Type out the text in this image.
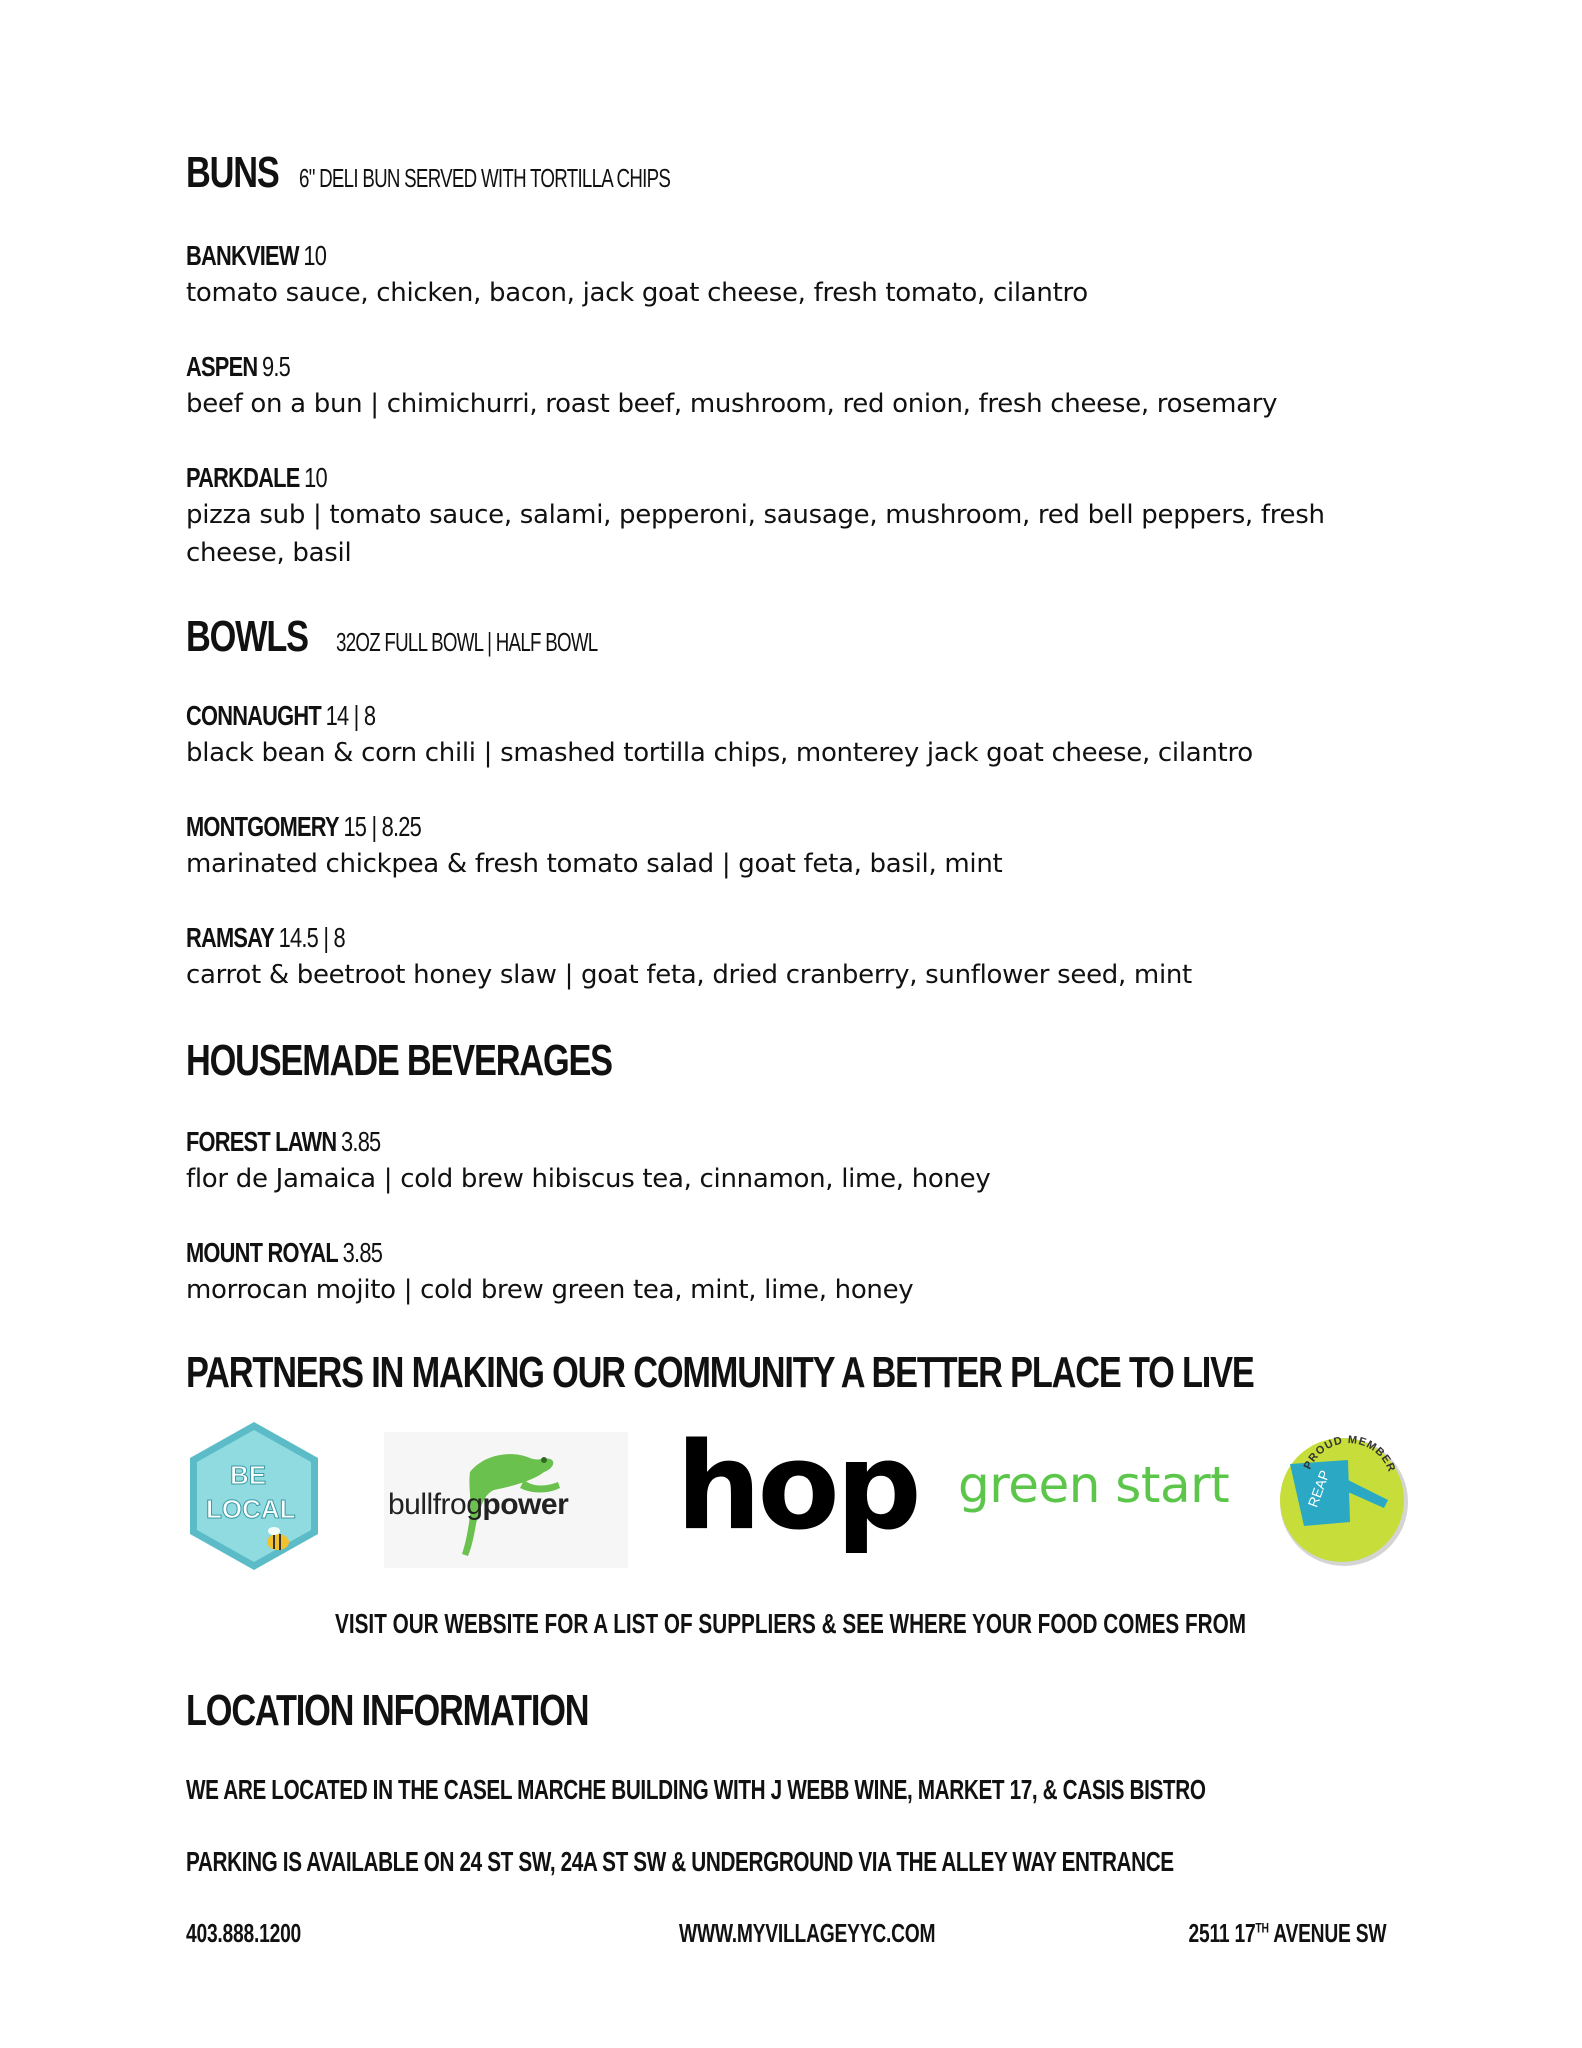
BUNS 6" DELI BUN SERVED WITH TORTILLA CHIPS
BANKVIEW 10
tomato sauce, chicken, bacon, jack goat cheese, fresh tomato, cilantro
ASPEN 9.5
beef on a bun | chimichurri, roast beef, mushroom, red onion, fresh cheese, rosemary
PARKDALE 10
pizza sub | tomato sauce, salami, pepperoni, sausage, mushroom, red bell peppers, fresh cheese, basil
BOWLS 32OZ FULL BOWL | HALF BOWL
CONNAUGHT 14 | 8
black bean & corn chili | smashed tortilla chips, monterey jack goat cheese, cilantro
MONTGOMERY 15 | 8.25
marinated chickpea & fresh tomato salad | goat feta, basil, mint
RAMSAY 14.5 | 8
carrot & beetroot honey slaw | goat feta, dried cranberry, sunflower seed, mint
HOUSEMADE BEVERAGES
FOREST LAWN 3.85
flor de Jamaica | cold brew hibiscus tea, cinnamon, lime, honey
MOUNT ROYAL 3.85
morrocan mojito | cold brew green tea, mint, lime, honey
PARTNERS IN MAKING OUR COMMUNITY A BETTER PLACE TO LIVE
BE
LOCAL	bullfrogpower hop green start	PROUD MEMBER
REAP
VISIT OUR WEBSITE FOR A LIST OF SUPPLIERS & SEE WHERE YOUR FOOD COMES FROM
LOCATION INFORMATION
WE ARE LOCATED IN THE CASEL MARCHE BUILDING WITH J WEBB WINE, MARKET 17, & CASIS BISTRO
PARKING IS AVAILABLE ON 24 ST SW, 24A ST SW & UNDERGROUND VIA THE ALLEY WAY ENTRANCE
403.888.1200	WWW.MYVILLAGEYYC.COM	2511 17TH AVENUE SW
